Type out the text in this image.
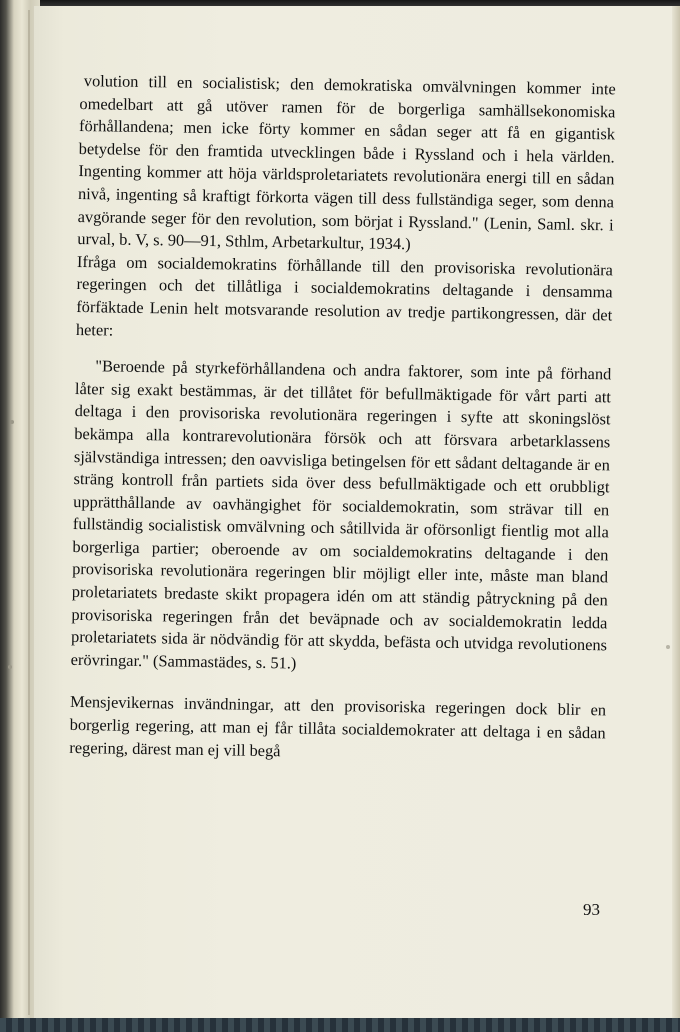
volution till en socialistisk; den demokratiska omvälvningen kommer inte omedelbart att gå utöver ramen för de borgerliga samhällsekonomiska förhållandena; men icke förty kommer en sådan seger att få en gigantisk betydelse för den framtida utvecklingen både i Ryssland och i hela världen. Ingenting kommer att höja världsproletariatets revolutionära energi till en sådan nivå, ingenting så kraftigt förkorta vägen till dess fullständiga seger, som denna avgörande seger för den revolution, som börjat i Ryssland." (Lenin, Saml. skr. i urval, b. V, s. 90—91, Sthlm, Arbetarkultur, 1934.)

Ifråga om socialdemokratins förhållande till den provisoriska revolutionära regeringen och det tillåtliga i socialdemokratins deltagande i densamma förfäktade Lenin helt motsvarande resolution av tredje partikongressen, där det heter:

"Beroende på styrkeförhållandena och andra faktorer, som inte på förhand låter sig exakt bestämmas, är det tillåtet för befullmäktigade för vårt parti att deltaga i den provisoriska revolutionära regeringen i syfte att skoningslöst bekämpa alla kontrarevolutionära försök och att försvara arbetarklassens självständiga intressen; den oavvisliga betingelsen för ett sådant deltagande är en sträng kontroll från partiets sida över dess befullmäktigade och ett orubbligt upprätthållande av oavhängighet för socialdemokratin, som strävar till en fullständig socialistisk omvälvning och såtillvida är oförsonligt fientlig mot alla borgerliga partier; oberoende av om socialdemokratins deltagande i den provisoriska revolutionära regeringen blir möjligt eller inte, måste man bland proletariatets bredaste skikt propagera idén om att ständig påtryckning på den provisoriska regeringen från det beväpnade och av socialdemokratin ledda proletariatets sida är nödvändig för att skydda, befästa och utvidga revolutionens erövringar." (Sammastädes, s. 51.)

Mensjevikernas invändningar, att den provisoriska regeringen dock blir en borgerlig regering, att man ej får tillåta socialdemokrater att deltaga i en sådan regering, därest man ej vill begå

93
